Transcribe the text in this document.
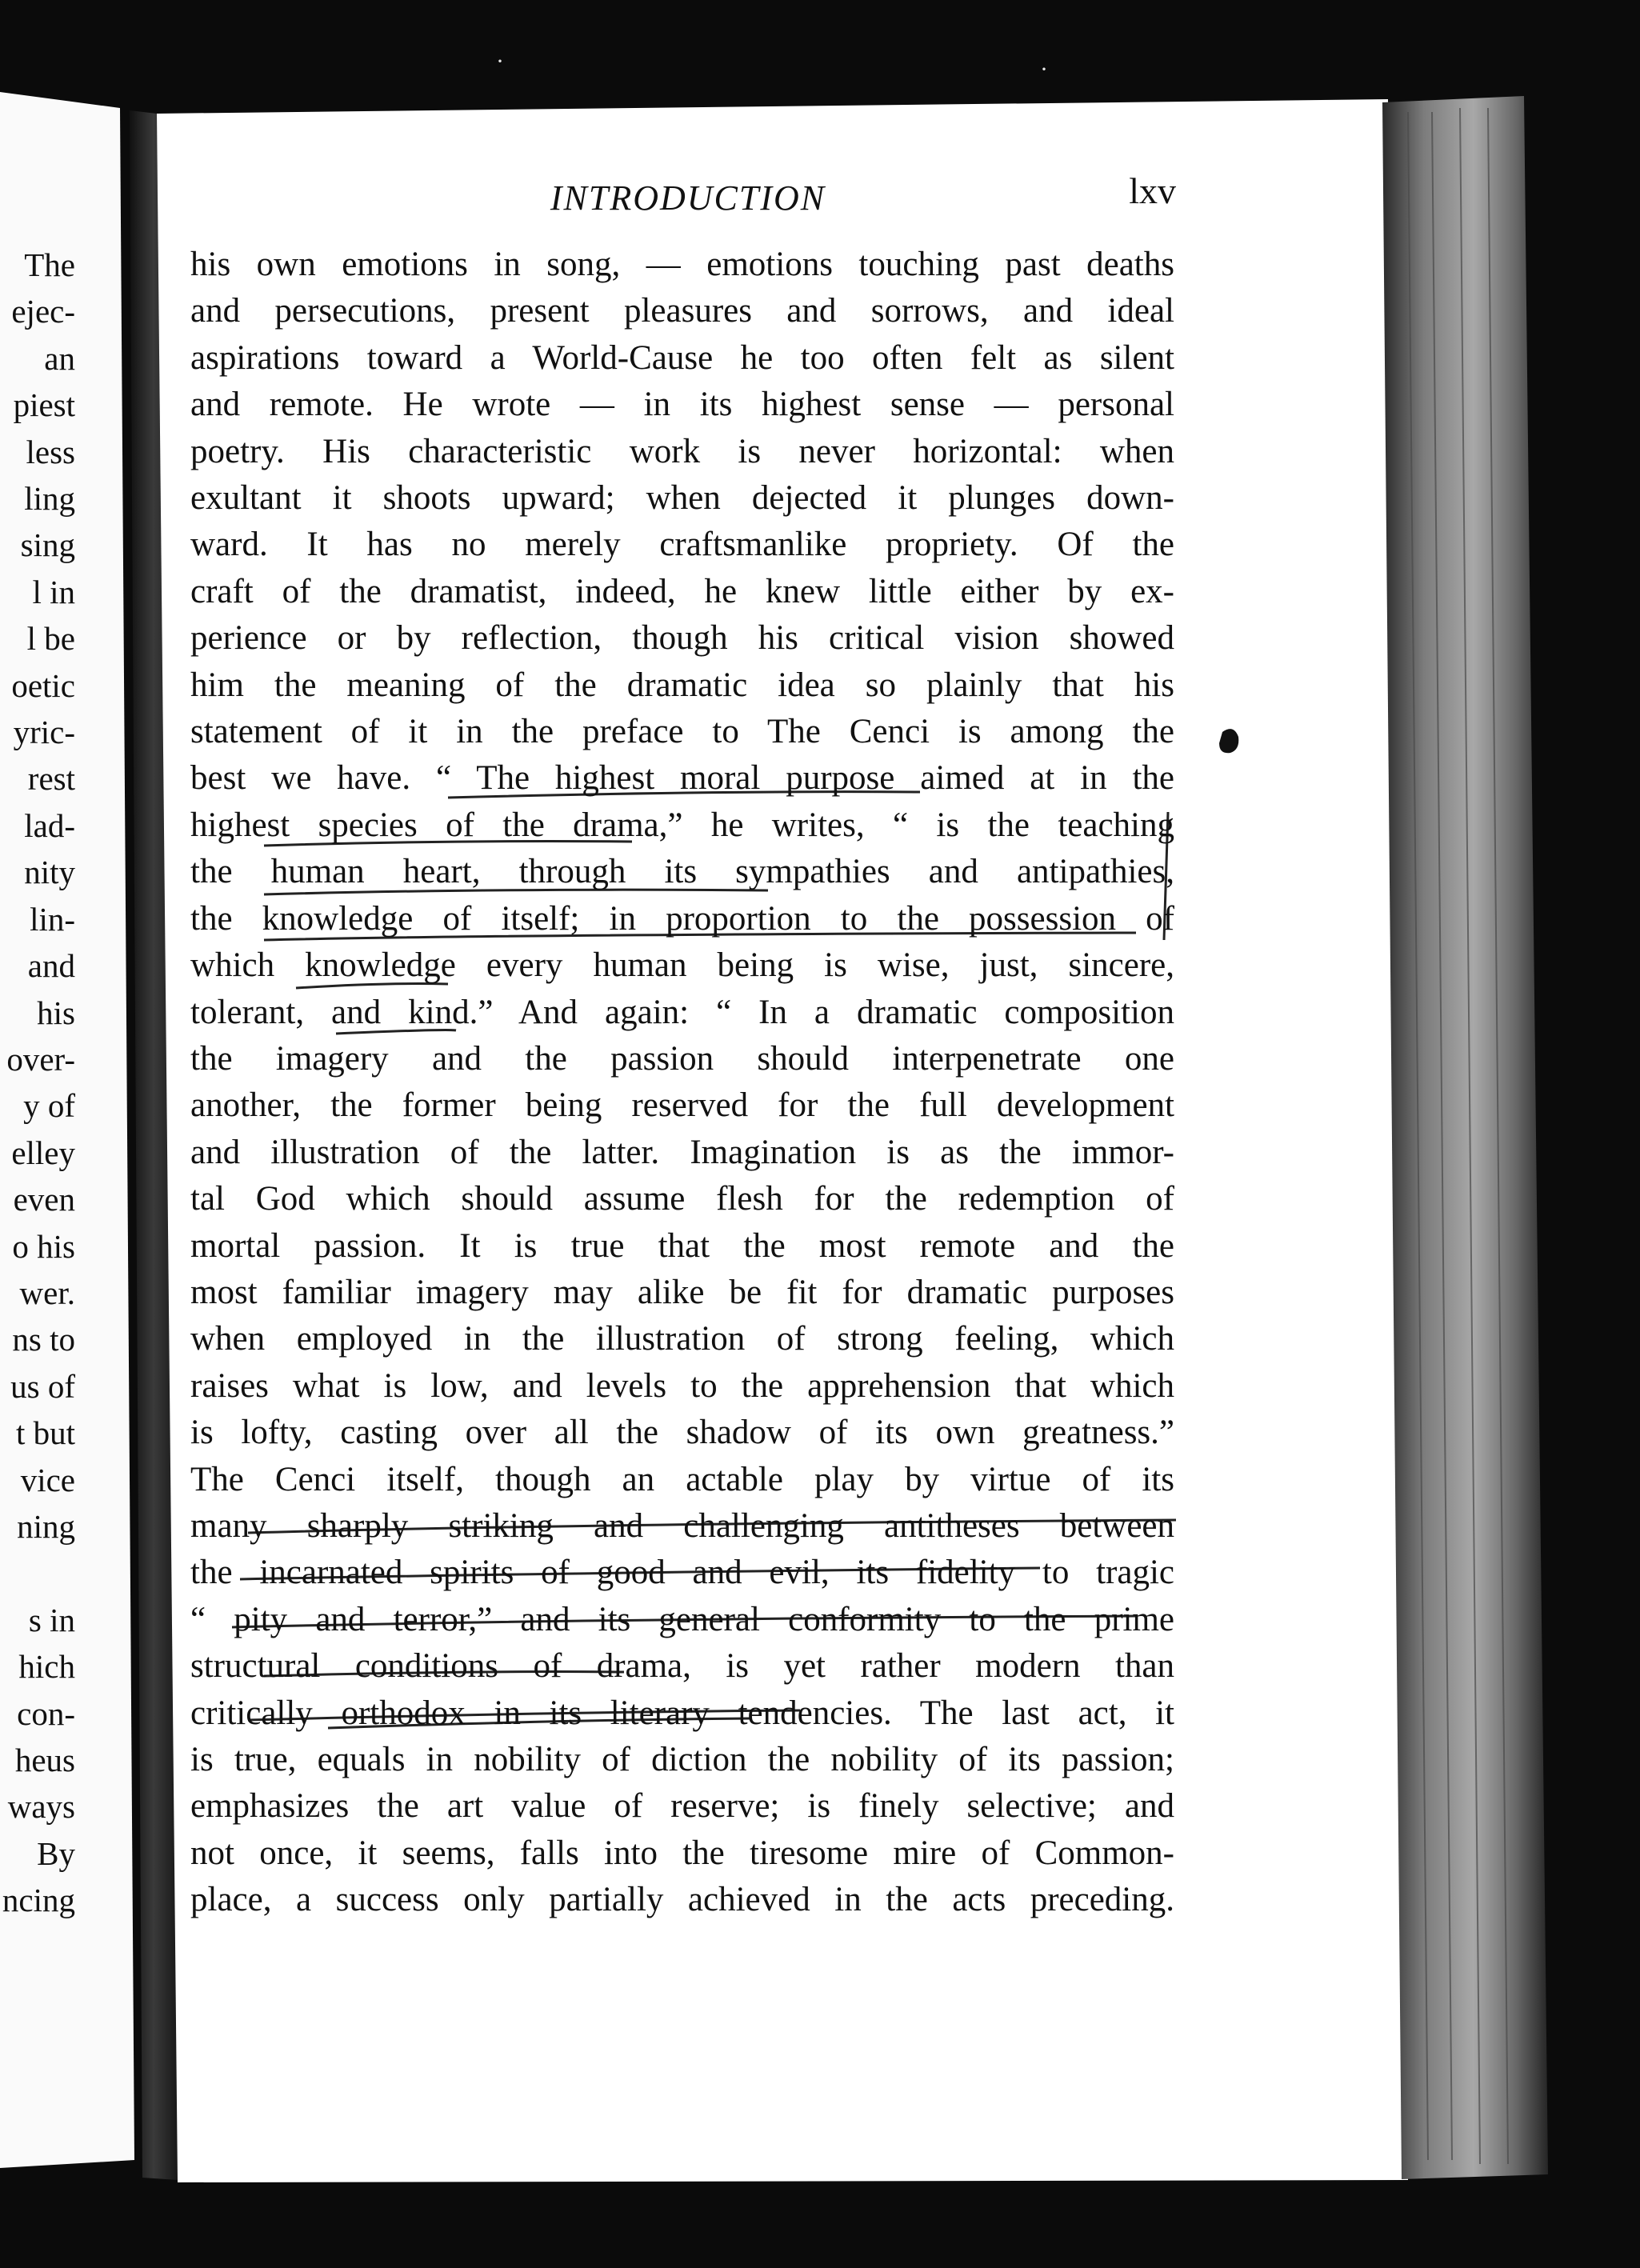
INTRODUCTION	lxv
his own emotions in song, — emotions touching past deaths
and persecutions, present pleasures and sorrows, and ideal
aspirations toward a World-Cause he too often felt as silent
and remote. He wrote — in its highest sense — personal
poetry. His characteristic work is never horizontal: when
exultant it shoots upward; when dejected it plunges down-
ward. It has no merely craftsmanlike propriety. Of the
craft of the dramatist, indeed, he knew little either by ex-
perience or by reflection, though his critical vision showed
him the meaning of the dramatic idea so plainly that his
statement of it in the preface to The Cenci is among the
best we have. “ The highest moral purpose aimed at in the
highest species of the drama,” he writes, “ is the teaching
the human heart, through its sympathies and antipathies,
the knowledge of itself; in proportion to the possession of
which knowledge every human being is wise, just, sincere,
tolerant, and kind.” And again: “ In a dramatic composition
the imagery and the passion should interpenetrate one
another, the former being reserved for the full development
and illustration of the latter. Imagination is as the immor-
tal God which should assume flesh for the redemption of
mortal passion. It is true that the most remote and the
most familiar imagery may alike be fit for dramatic purposes
when employed in the illustration of strong feeling, which
raises what is low, and levels to the apprehension that which
is lofty, casting over all the shadow of its own greatness.”
The Cenci itself, though an actable play by virtue of its
many sharply striking and challenging antitheses between
the incarnated spirits of good and evil, its fidelity to tragic
“ pity and terror,” and its general conformity to the prime
structural conditions of drama, is yet rather modern than
critically orthodox in its literary tendencies. The last act, it
is true, equals in nobility of diction the nobility of its passion;
emphasizes the art value of reserve; is finely selective; and
not once, it seems, falls into the tiresome mire of Common-
place, a success only partially achieved in the acts preceding.
The
ejec-
an
piest
less
ling
sing
l in
l be
oetic
yric-
rest
lad-
nity
lin-
and
his
over-
y of
elley
even
o his
wer.
ns to
us of
t but
vice
ning
s in
hich
con-
heus
ways
By
ncing
·	·
